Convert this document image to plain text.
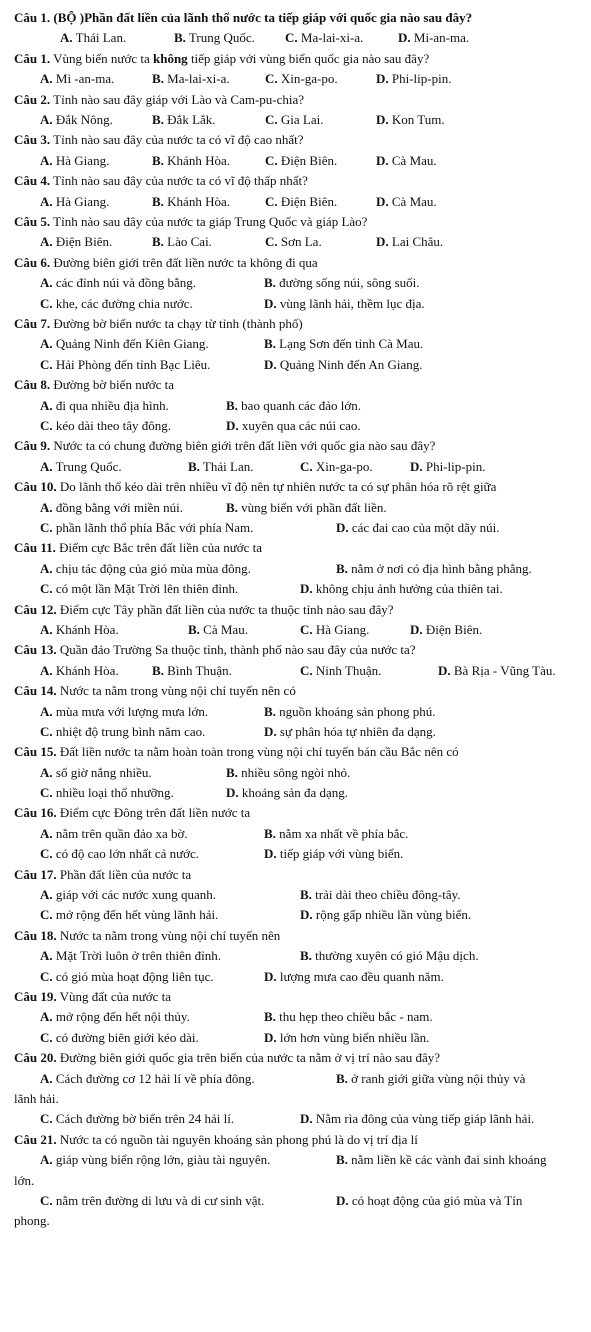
Câu 1. (BỘ )Phần đất liền của lãnh thổ nước ta tiếp giáp với quốc gia nào sau đây?
A. Thái Lan.	B. Trung Quốc. C. Ma-lai-xi-a.	D. Mi-an-ma.
Câu 1. Vùng biển nước ta không tiếp giáp với vùng biển quốc gia nào sau đây?
A. Mi -an-ma.	B. Ma-lai-xi-a.	C. Xin-ga-po.	D. Phi-lip-pin.
Câu 2. Tỉnh nào sau đây giáp với Lào và Cam-pu-chia?
A. Đắk Nông.	B. Đắk Lắk.	C. Gia Lai.	D. Kon Tum.
Câu 3. Tỉnh nào sau đây của nước ta có vĩ độ cao nhất?
A. Hà Giang.	B. Khánh Hòa.	C. Điện Biên.	D. Cà Mau.
Câu 4. Tỉnh nào sau đây của nước ta có vĩ độ thấp nhất?
A. Hà Giang.	B. Khánh Hòa.	C. Điện Biên.	D. Cà Mau.
Câu 5. Tỉnh nào sau đây của nước ta giáp Trung Quốc và giáp Lào?
A. Điện Biên.	B. Lào Cai.	C. Sơn La.	D. Lai Châu.
Câu 6. Đường biên giới trên đất liền nước ta không đi qua
A. các đỉnh núi và đồng bằng.	B. đường sống núi, sông suối.
C. khe, các đường chia nước.	D. vùng lãnh hải, thềm lục địa.
Câu 7. Đường bờ biển nước ta chạy từ tỉnh (thành phố)
A. Quảng Ninh đến Kiên Giang.	B. Lạng Sơn đến tỉnh Cà Mau.
C. Hải Phòng đến tỉnh Bạc Liêu.	D. Quảng Ninh đến An Giang.
Câu 8. Đường bờ biển nước ta
A. đi qua nhiều địa hình.	B. bao quanh các đảo lớn.
C. kéo dài theo tây đông.	D. xuyên qua các núi cao.
Câu 9. Nước ta có chung đường biên giới trên đất liền với quốc gia nào sau đây?
A. Trung Quốc.	B. Thái Lan.	C. Xin-ga-po.	D. Phi-lip-pin.
Câu 10. Do lãnh thổ kéo dài trên nhiều vĩ độ nên tự nhiên nước ta có sự phân hóa rõ rệt giữa
A. đồng bằng với miền núi.	B. vùng biển với phần đất liền.
C. phần lãnh thổ phía Bắc với phía Nam.	D. các đai cao của một dãy núi.
Câu 11. Điểm cực Bắc trên đất liền của nước ta
A. chịu tác động của gió mùa mùa đông.	B. nằm ở nơi có địa hình bằng phẳng.
C. có một lần Mặt Trời lên thiên đỉnh.	D. không chịu ảnh hưởng của thiên tai.
Câu 12. Điểm cực Tây phần đất liền của nước ta thuộc tỉnh nào sau đây?
A. Khánh Hòa.	B. Cà Mau.	C. Hà Giang.	D. Điện Biên.
Câu 13. Quần đảo Trường Sa thuộc tỉnh, thành phố nào sau đây của nước ta?
A. Khánh Hòa.	B. Bình Thuận.	C. Ninh Thuận.	D. Bà Rịa - Vũng Tàu.
Câu 14. Nước ta nằm trong vùng nội chí tuyến nên có
A. mùa mưa với lượng mưa lớn.	B. nguồn khoáng sản phong phú.
C. nhiệt độ trung bình năm cao.	D. sự phân hóa tự nhiên đa dạng.
Câu 15. Đất liền nước ta nằm hoàn toàn trong vùng nội chí tuyến bán cầu Bắc nên có
A. số giờ nắng nhiều.	B. nhiều sông ngòi nhỏ.
C. nhiều loại thổ nhưỡng.	D. khoáng sản đa dạng.
Câu 16. Điểm cực Đông trên đất liền nước ta
A. nằm trên quần đảo xa bờ.	B. nằm xa nhất về phía bắc.
C. có độ cao lớn nhất cả nước.	D. tiếp giáp với vùng biển.
Câu 17. Phần đất liền của nước ta
A. giáp với các nước xung quanh.	B. trải dài theo chiều đông-tây.
C. mở rộng đến hết vùng lãnh hải.	D. rộng gấp nhiều lần vùng biển.
Câu 18. Nước ta nằm trong vùng nội chí tuyến nên
A. Mặt Trời luôn ở trên thiên đỉnh.	B. thường xuyên có gió Mậu dịch.
C. có gió mùa hoạt động liên tục.	D. lượng mưa cao đều quanh năm.
Câu 19. Vùng đất của nước ta
A. mở rộng đến hết nội thủy.	B. thu hẹp theo chiều bắc - nam.
C. có đường biên giới kéo dài.	D. lớn hơn vùng biển nhiều lần.
Câu 20. Đường biên giới quốc gia trên biển của nước ta nằm ở vị trí nào sau đây?
A. Cách đường cơ 12 hải lí về phía đông.	B. ở ranh giới giữa vùng nội thủy và
lãnh hải.
C. Cách đường bờ biển trên 24 hải lí.	D. Nằm rìa đông của vùng tiếp giáp lãnh hải.
Câu 21. Nước ta có nguồn tài nguyên khoáng sản phong phú là do vị trí địa lí
A. giáp vùng biển rộng lớn, giàu tài nguyên.	B. nằm liền kề các vành đai sinh khoáng
lớn.
C. nằm trên đường di lưu và di cư sinh vật.	D. có hoạt động của gió mùa và Tín
phong.
